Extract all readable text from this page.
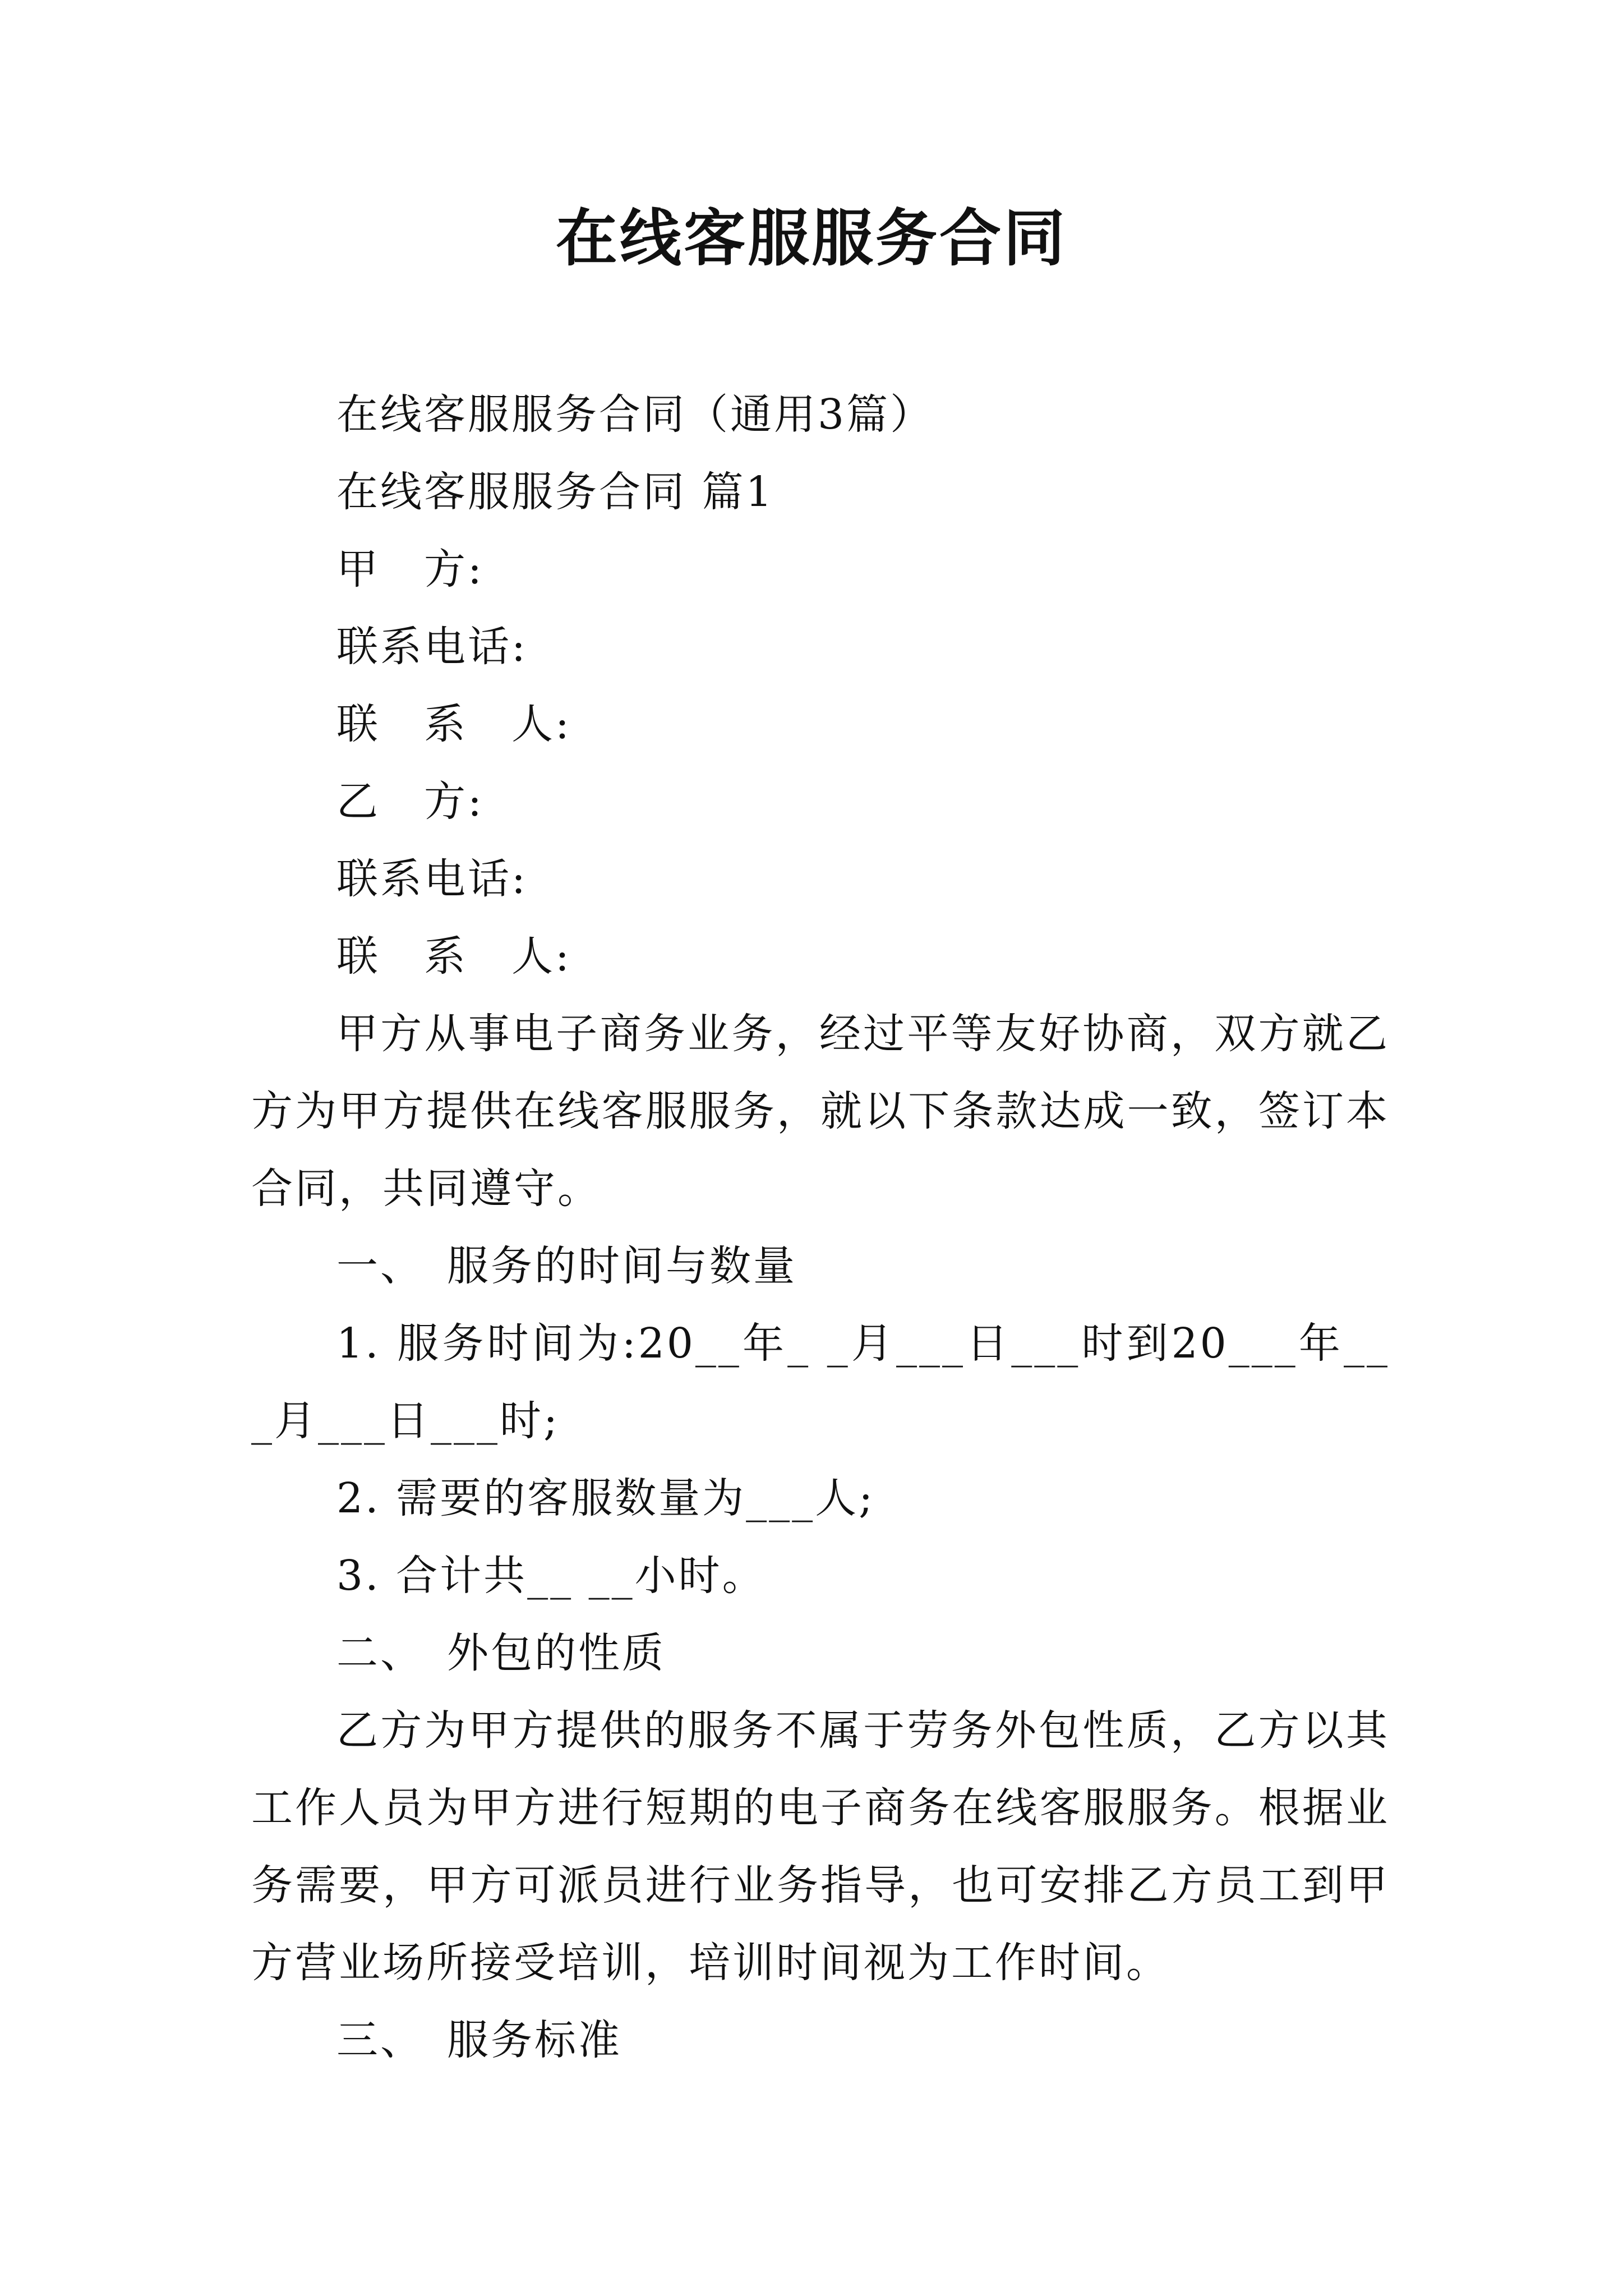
在线客服服务合同

在线客服服务合同（通用3篇）

在线客服服务合同 篇1

甲　方:

联系电话:

联　系　人:

乙　方:

联系电话:

联　系　人:

甲方从事电子商务业务，经过平等友好协商，双方就乙方为甲方提供在线客服服务，就以下条款达成一致，签订本合同，共同遵守。

一、　服务的时间与数量

1. 服务时间为:20__年_ _月___日___时到20___年___月___日___时;

2. 需要的客服数量为___人;

3. 合计共__ __小时。

二、　外包的性质

乙方为甲方提供的服务不属于劳务外包性质，乙方以其工作人员为甲方进行短期的电子商务在线客服服务。根据业务需要，甲方可派员进行业务指导，也可安排乙方员工到甲方营业场所接受培训，培训时间视为工作时间。

三、　服务标准
